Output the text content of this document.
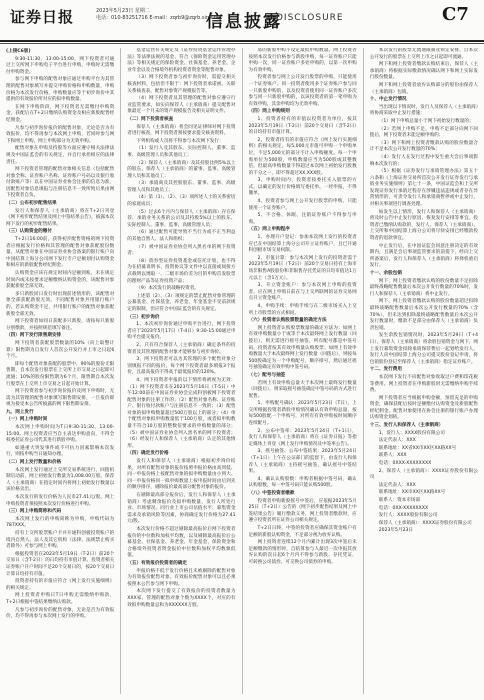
证券日报	2023年5月23日 星期二
电话：010-83251716 E-mail：zqrb9@zqrb.sina.net
信息披露
DISCLOSURE	C7

(上接C6版)

9:30-11:30，13:00-15:00，网下投资者可通过上交所网下申购电子平台进行申购，申购时无需缴付申购资金。

参与网下申购的配售对象应通过申购平台为其管理的配售对象填写并提交申购价格和申购数量，申购价格为本次发行价格，申购数量应等于初步询价中其提供的有效报价所对应的拟申购数量。

在网下申购阶段，网下投资者无需缴付申购资金，获配后在T+2日缴纳认购资金及相应新股配售经纪佣金。

凡参与初步询价报价的配售对象，无论是否为有效报价，均不得再参与本次网上申购，若同时参与网下和网上申购，网上申购部分为无效申购。

配售对象在申购及持股等方面应遵守相关法律法规及中国证监会的有关规定，并自行承担相应的法律责任。

网下投资者管理的配售对象相关信息（包括配售对象全称、证券账户名称、证券账户号码以及银行收付款账户等）以在中国证券业协会注册的信息为准，因配售对象信息填报与注册信息不一致所致后果由网下投资者自负。

（二）公布初步配售结果

发行人和保荐人（主承销商）将在T+2日刊登《网下初步配售结果及网上中签结果公告》，披露本次网下发行的初步配售结果。

（三）认购资金的缴付

T+2日16:00前，获得初步配售资格的网下投资者应根据发行价格和其管理的配售对象获配股份数量，从配售对象在中国证券业协会备案的银行账户向中国结算上海分公司网下发行专户足额划付认购资金和相应的新股配售经纪佣金。

认购资金应该在规定时间内足额到账，未在规定时间内或未按要求足额缴纳认购资金的，该配售对象获配新股全部无效。

多只新股同日发行时出现前述情形的，该配售对象全部获配新股无效。不同配售对象共用银行账户的，若认购资金不足，共用银行账户的配售对象获配新股全部无效。

网下投资者如同日获配多只新股，请按每只新股分别缴款，并按照规范填写备注。

（四）网下发行限售期安排

网下投资者获配股票数量的10%（向上取整计算）限售期为自发行人首次公开发行并上市之日起6个月。

即每个配售对象获配的股票中，90%的股份无限售期，自本次发行股票在上交所上市交易之日起即可流通；10%的股份限售期为6个月，限售期自本次发行股票在上交所上市交易之日起开始计算。

网下投资者参与初步询价报价及网下申购时，无需为其管理的配售对象填写限售期安排，一旦报价即视为接受本公告所披露的网下限售期安排。

九、网上发行

（一）网上申购时间

本次网上申购时间为T日9:30-11:30、13:00-15:00。网上投资者应当自主表达申购意向，不得全权委托证券公司代其进行新股申购。

如遇重大突发事件或不可抗力因素影响本次发行，则按申购当日通知办理。

（二）网上发行数量和价格

本次网上发行通过上交所交易系统进行，回拨机制启动前，网上初始发行数量为1,008.00万股。保荐人（主承销商）在指定时间内将网上初始发行数量以该价格卖出。

本次发行的发行价格为人民币27.41元/股。网上申购投资者须按照本次发行价格进行申购。

（三）网上申购简称和代码

本次网上发行的申购简称为申购，申购代码为787XXX。

持有上交所股票账户卡并开通科创板投资账户的境内自然人、法人及其它机构（法律、法规禁止购买者除外）可参与网上申购。

根据投资者在2023年5月19日（T-2日）前20个交易日（含T-2日）的日均持有市值计算，投资者相关证券账户开户时间不足20个交易日的，按20个交易日计算日均持有市值。

投资者持有的市值应符合《网上发行实施细则》的相关规定。

网上投资者申购日T日申购无需缴纳申购款，T+2日根据中签结果缴纳认购款。

凡参与初步询价的配售对象，无论是否为有效报价，均不得再参与本次网上发行的申购。

基金运营有关规定及《证券投资基金运作管理办法》等法律法规的基金、符合《保险资金运用管理办法》等相关规定的保险资金、社保基金、养老金、企业年金以及合格境外机构投资者资金等配售对象。

（3）网下投资者参与初步询价时，需提交相关核查材料，包括但不限于：网下投资者承诺函、关联关系核查表、配售对象资产规模报告等。

（4）网下投资者及其管理的配售对象应遵守行业监管要求，如实向保荐人（主承销商）提交配售对象最近一个月末的资产规模报告及相关证明文件。

（二）网下投资者核查

保荐人（主承销商）将会同见证律师对网下投资者进行核查，网下投资者须按要求提交核查资料。

下列机构或人员将不得参与本次网下发行：

（1）发行人及其股东、实际控制人、董事、监事、高级管理人员和其他员工；

（2）保荐人（主承销商）及其持股比例5%以上的股东，保荐人（主承销商）的董事、监事、高级管理人员和其他员工；

（3）承销商及其控股股东、董事、监事、高级管理人员和其他员工；

（4）第（1）、（2）、（3）项所述人士的关系密切的家庭成员；

（5）过去6个月内与保荐人（主承销商）存在保荐、承销业务关系的公司及其持股5%以上的股东、实际控制人、董事、监事、高级管理人员；

（6）通过配售可能导致不当行为或不正当利益的其他自然人、法人和组织；

（7）被中国证券业协会列入黑名单的网下投资者；

（8）债券型证券投资基金或信托计划，也不得为在招募说明书、投资协议等文件中以直接或间接方式载明以博取一、二级市场价差为目的申购首发股票的理财产品等证券投资产品；

（9）本次发行的战略投资者。

上述第（2）、（3）项规定的禁止配售对象管理的公募基金、社保基金、养老金、年金基金不受前款规定的限制，但应符合中国证监会的有关规定。

（三）初步询价

1、本次初步询价通过申购平台进行，网下投资者应于2023年5月17日（T-4日）9:30-15:00通过申购平台提交报价。

2、只有符合保荐人（主承销商）确定条件的投资者及其管理的配售对象才能够参与初步询价。

3、网下投资者可以为其管理的多个配售对象分别填报不同的报价，每个网下投资者最多填报3个报价，且最高报价不得高于最低报价的120%。

4、网下投资者申报的以下情形将被视为无效：（1）网下投资者未在2023年5月16日（T-5日）中午12:00前在中国证券业协会完成科创板网下投资者配售对象的注册工作的；（2）配售对象名称、证券账户、银行收付款账户与注册信息不一致的；（3）配售对象的拟申购数量超过500万股以上的部分；（4）单个配售对象拟申购数量低于100万股，或者拟申购数量不符合10万股的整数倍要求的申购数量的部分；（5）被中国证券业协会列入黑名单的网下投资者；（6）经发行人和保荐人（主承销商）认定的其他情形。

（四）确定发行价格

发行人和保荐人（主承销商）根据初步询价结果，对所有配售对象的报价按照申报价格由高到低、同一申报价格上按配售对象的拟申购数量由小到大、同一申报价格同一拟申购数量上按申报时间由后到先的顺序排序，剔除报价最高部分配售对象的报价。

在剔除最高部分报价后，发行人和保荐人（主承销商）考虑剩余报价及拟申购数量、发行人所处行业、市场情况、同行业上市公司估值水平、募集资金需求及承销风险等因素，协商确定发行价格为27.41元/股。

本次发行价格不超过剔除最高报价后网下投资者报价的中位数和加权平均数，以及剔除最高报价后公募基金、社保基金、养老金、年金基金、保险资金和合格境外投资者资金报价中位数和加权平均数孰低值。

（五）有效报价投资者的确定

申报价格不低于发行价格且未被剔除的配售对象为有效报价配售对象。有效报价配售对象可以且必须按照本公告参与网下申购。

本次网下发行提交了有效报价的投资者数量为XXX家，管理的配售对象个数为XXXX个，对应的有效拟申购数量总和为XXXXXX万股。

易的新股申购不设定最低申购数量。网上投资者按照本次发行价格参与新股申购，每一证券账户只能申购一次，同一证券账户多处申购的，以第一次申购为有效申购。

投资者参与网上公开发行股票的申购，只能使用一个证券账户。同一投资者使用多个证券账户参与同一只新股申购的，以及投资者使用同一证券账户多次参与同一只新股申购的，以该投资者的第一笔申购为有效申购，其余申购均为无效申购。

（四）网上申购规则

1、投资者持有的市值以投资者为单位，按其2023年5月19日（T-2日）前20个交易日（含T-2日）的日均持有市值计算。

2、投资者持有的市值应符合《网上发行实施细则》的相关规定。每5,000元市值可申购一个申购单位，不足5,000元的部分不计入申购额度。每一个申购单位为500股，申购数量应当为500股或其整数倍，但最高申购数量不得超过本次网上初始发行股数的千分之一，即不得超过XX,XXX股。

3、申购时间内，投资者按委托买入股票的方式，以确定的发行价格填写委托单。一经申报，不得撤单。

4、投资者参与网上公开发行股票的申购，只能使用一个证券账户。

5、不合格、休眠、注销证券账户不得参与申购。

（五）网上申购程序

1、办理开户登记：参加本次网上发行的投资者应已在中国结算上海分公司开立证券账户，且已开通科创板市场交易权限。

2、市值计算：参与本次网上发行的投资者需于2023年5月19日（T-2日）前20个交易日持有上海市场非限售A股股份和非限售存托凭证的日均市值达1万元以上（含1万元）。

3、开立资金账户：参与本次网上申购的投资者，应在网上申购日前在与上交所联网的证券交易网点开立资金账户。

4、申购手续：申购手续与在二级市场买入上交所上市股票的方式相同。

（六）投资者认购股票数量的确定方法

网上投资者认购股票数量的确定方法为：如网上有效申购数量小于或等于本次最终网上发行数量（回拨后），则无需进行摇号抽签，所有配号都是中签号码，投资者按其有效申购量认购股票；如网上有效申购数量大于本次最终网上发行数量（回拨后），则按每500股确定为一个申购配号，顺序排号，然后通过摇号抽签确定有效申购中签号码。

（七）配号与抽签

若网上有效申购总量大于本次网上最终发行数量（回拨后），则采取摇号抽签确定中签号码的方式进行配售。

1、申购配号确认：2023年5月23日（T日），上交所根据投资者新股申购情况确认有效申购总量，按每500股配一个申购号，对所有有效申购按时间顺序连续配号。

2、公布中签率：2023年5月24日（T+1日），发行人和保荐人（主承销商）将在《证券日报》等指定媒体上刊登《网上发行申购情况及中签率公告》。

3、摇号抽签、公布中签结果：2023年5月24日（T+1日）上午在公证部门的监督下，由发行人和保荐人（主承销商）主持摇号抽签，确认摇号中签结果。

4、确认认购股数：申购者根据中签号码，确认认购股数，每一中签号码只能认购500股。

（八）中签投资者缴款

投资者申购新股摇号中签后，应依据2023年5月25日（T+2日）公告的《网下初步配售结果及网上中签结果公告》履行缴款义务，网上投资者缴款时，应遵守投资者所在证券公司相关规定。

T+2日日终，中签的投资者应确保其资金账户有足额的新股认购资金，不足部分视为放弃认购。

网上投资者连续12个月内累计出现3次中签后未足额缴款的情形时，自结算参与人最近一次申报其放弃认购的次日起6个月内不得参与新股、存托凭证、可转换公司债券、可交换公司债券的申购。

本次发行的股票无流通限制及锁定安排，自本次公开发行的股票在上交所上市之日起即可流通。

网下和网上投资者缴款认购结束后，保荐人（主承销商）将根据实际缴款情况确认网下和网上实际发行股份数量。

网下和网上投资者放弃认购部分的股份由保荐人（主承销商）包销。

十、中止发行情况

当出现以下情况时，发行人及保荐人（主承销商）将协商采取中止发行措施：

（1）网下申购总量小于网下初始发行数量的；

（2）若网上申购不足，申购不足部分向网下回拨后，网下投资者未能足额申购的；

（3）网下和网上投资者缴款认购的股份数量合计不足本次公开发行数量的70%；

（4）发行人在发行过程中发生重大会后事项影响本次发行的；

（5）根据《证券发行与承销管理办法》第五十六条和《上海证券交易所首次公开发行证券发行与承销业务实施细则》第七十一条，中国证监会和上交所发现证券发行承销过程存在涉嫌违法违规或者存在异常情形的，可责令发行人和承销商暂停或中止发行，对相关事项进行调查处理。

如发生以上情形，发行人和保荐人（主承销商）将及时公告中止发行原因、恢复发行安排等事宜。投资者已缴纳认购款的，发行人、保荐人（主承销商）、上交所和中国结算上海分公司将尽快安排已经缴款投资者的退款事宜。

中止发行后，在中国证监会同意注册决定的有效期内，且满足会后事项监管要求的前提下，经向上交所备案后，发行人和保荐人（主承销商）将择机重启发行。

十一、余股包销

网下、网上投资者缴款认购的股份数量不足扣除最终战略配售数量后本次公开发行数量的70%时，发行人和保荐人（主承销商）将中止发行。

网下、网上投资者缴款认购的股份数量超过扣除最终战略配售数量后本次公开发行数量的70%（含70%），但未达到扣除最终战略配售数量后本次公开发行数量时，缴款不足部分由保荐人（主承销商）负责包销。

发生余股包销情况时，2023年5月29日（T+4日），保荐人（主承销商）将余股包销资金与网下、网上发行募集资金扣除承销保荐费后一起划给发行人，发行人向中国结算上海分公司提交股份登记申请，将包销股份登记至保荐人（主承销商）指定证券账户。

十二、发行费用

本次网下发行不向配售对象收取过户费和印花税等费用。网上投资者在申购新股时无需缴纳申购手续费。

网下投资者应当根据申购金额，预留充足的申购资金，确保获配后按时足额缴付认购资金及新股配售经纪佣金。配售对象使用在协会注册的银行账户办理认购资金划转。

十三、发行人和保荐人（主承销商）

1、发行人：XXXX股份有限公司

法定代表人：XXX

联系地址：XX省XX市XX区XX路XX号

联系人：XXX

电话：0XXX-XXXXXXXX

2、保荐人（主承销商）：XXXX证券股份有限公司

法定代表人：XXX

联系地址：XX市XX区XX路XX号

联系人：资本市场部

电话：0XX-XXXXXXXX

发行人：XXXX股份有限公司

保荐人（主承销商）：XXXX证券股份有限公司

2023年5月23日
